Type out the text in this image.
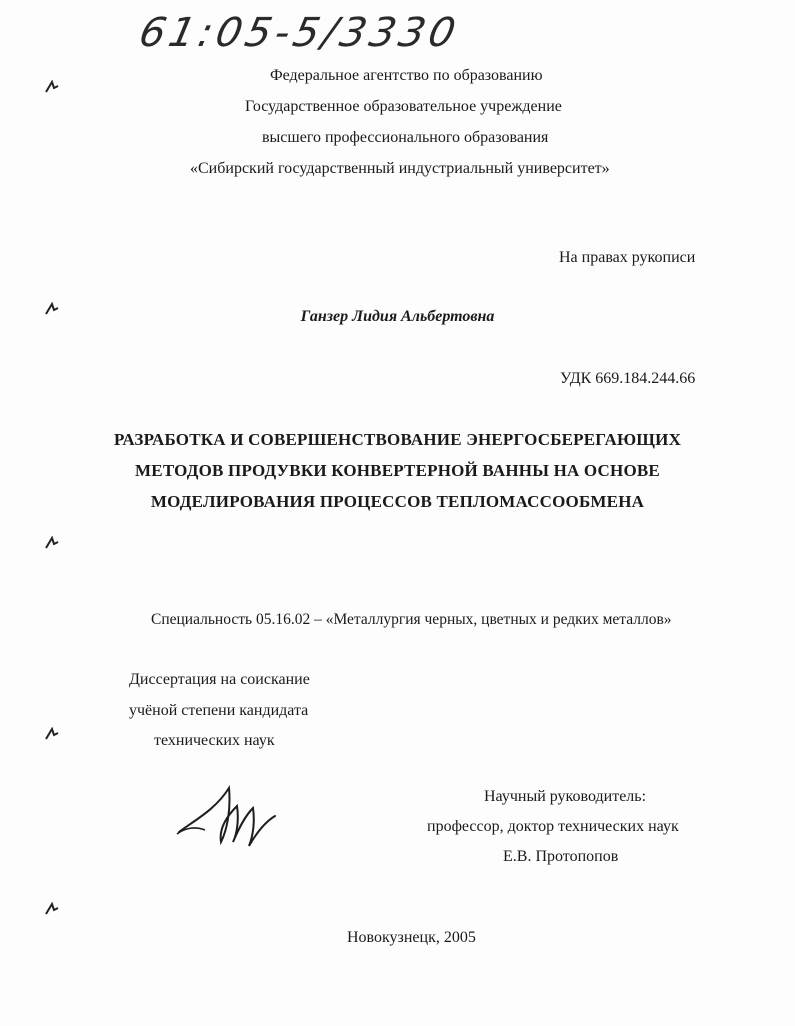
61:05-5/3330
Федеральное агентство по образованию
Государственное образовательное учреждение
высшего профессионального образования
«Сибирский государственный индустриальный университет»
На правах рукописи
Ганзер Лидия Альбертовна
УДК 669.184.244.66
РАЗРАБОТКА И СОВЕРШЕНСТВОВАНИЕ ЭНЕРГОСБЕРЕГАЮЩИХ
МЕТОДОВ ПРОДУВКИ КОНВЕРТЕРНОЙ ВАННЫ НА ОСНОВЕ
МОДЕЛИРОВАНИЯ ПРОЦЕССОВ ТЕПЛОМАССООБМЕНА
Специальность 05.16.02 – «Металлургия черных, цветных и редких металлов»
Диссертация на соискание
учёной степени кандидата
технических наук
Научный руководитель:
профессор, доктор технических наук
Е.В. Протопопов
Новокузнецк, 2005
